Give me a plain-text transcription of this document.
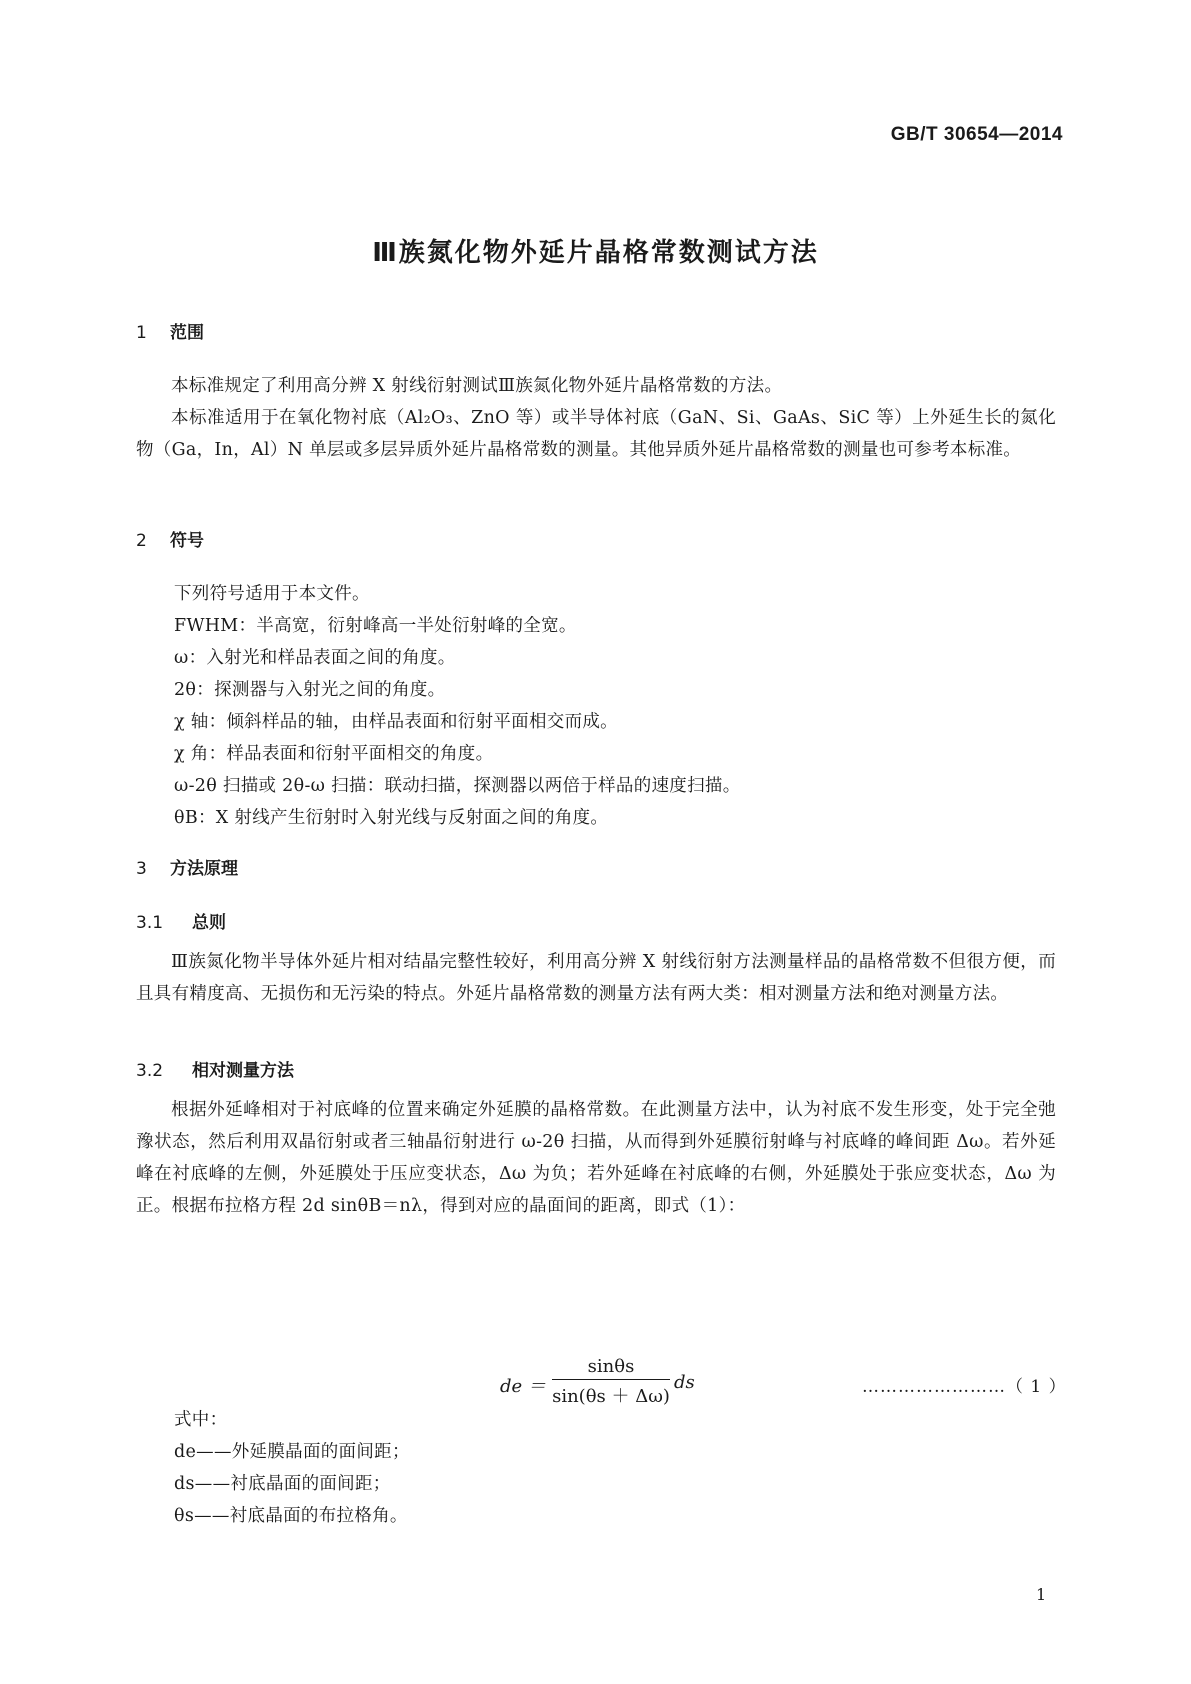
GB/T 30654—2014
Ⅲ族氮化物外延片晶格常数测试方法
1 范围
本标准规定了利用高分辨 X 射线衍射测试Ⅲ族氮化物外延片晶格常数的方法。
本标准适用于在氧化物衬底（Al₂O₃、ZnO 等）或半导体衬底（GaN、Si、GaAs、SiC 等）上外延生长的氮化物（Ga，In，Al）N 单层或多层异质外延片晶格常数的测量。其他异质外延片晶格常数的测量也可参考本标准。
2 符号
下列符号适用于本文件。
FWHM：半高宽，衍射峰高一半处衍射峰的全宽。
ω：入射光和样品表面之间的角度。
2θ：探测器与入射光之间的角度。
χ 轴：倾斜样品的轴，由样品表面和衍射平面相交而成。
χ 角：样品表面和衍射平面相交的角度。
ω-2θ 扫描或 2θ-ω 扫描：联动扫描，探测器以两倍于样品的速度扫描。
θB：X 射线产生衍射时入射光线与反射面之间的角度。
3 方法原理
3.1 总则
Ⅲ族氮化物半导体外延片相对结晶完整性较好，利用高分辨 X 射线衍射方法测量样品的晶格常数不但很方便，而且具有精度高、无损伤和无污染的特点。外延片晶格常数的测量方法有两大类：相对测量方法和绝对测量方法。
3.2 相对测量方法
根据外延峰相对于衬底峰的位置来确定外延膜的晶格常数。在此测量方法中，认为衬底不发生形变，处于完全弛豫状态，然后利用双晶衍射或者三轴晶衍射进行 ω-2θ 扫描，从而得到外延膜衍射峰与衬底峰的峰间距 Δω。若外延峰在衬底峰的左侧，外延膜处于压应变状态，Δω 为负；若外延峰在衬底峰的右侧，外延膜处于张应变状态，Δω 为正。根据布拉格方程 2d sinθB＝nλ，得到对应的晶面间的距离，即式（1）：
de ＝ $\frac{\sin\theta s}{\sin(\theta s + \Delta\omega)}$ ds	……………………（ 1 ）
式中：
de——外延膜晶面的面间距；
ds——衬底晶面的面间距；
θs——衬底晶面的布拉格角。
1
